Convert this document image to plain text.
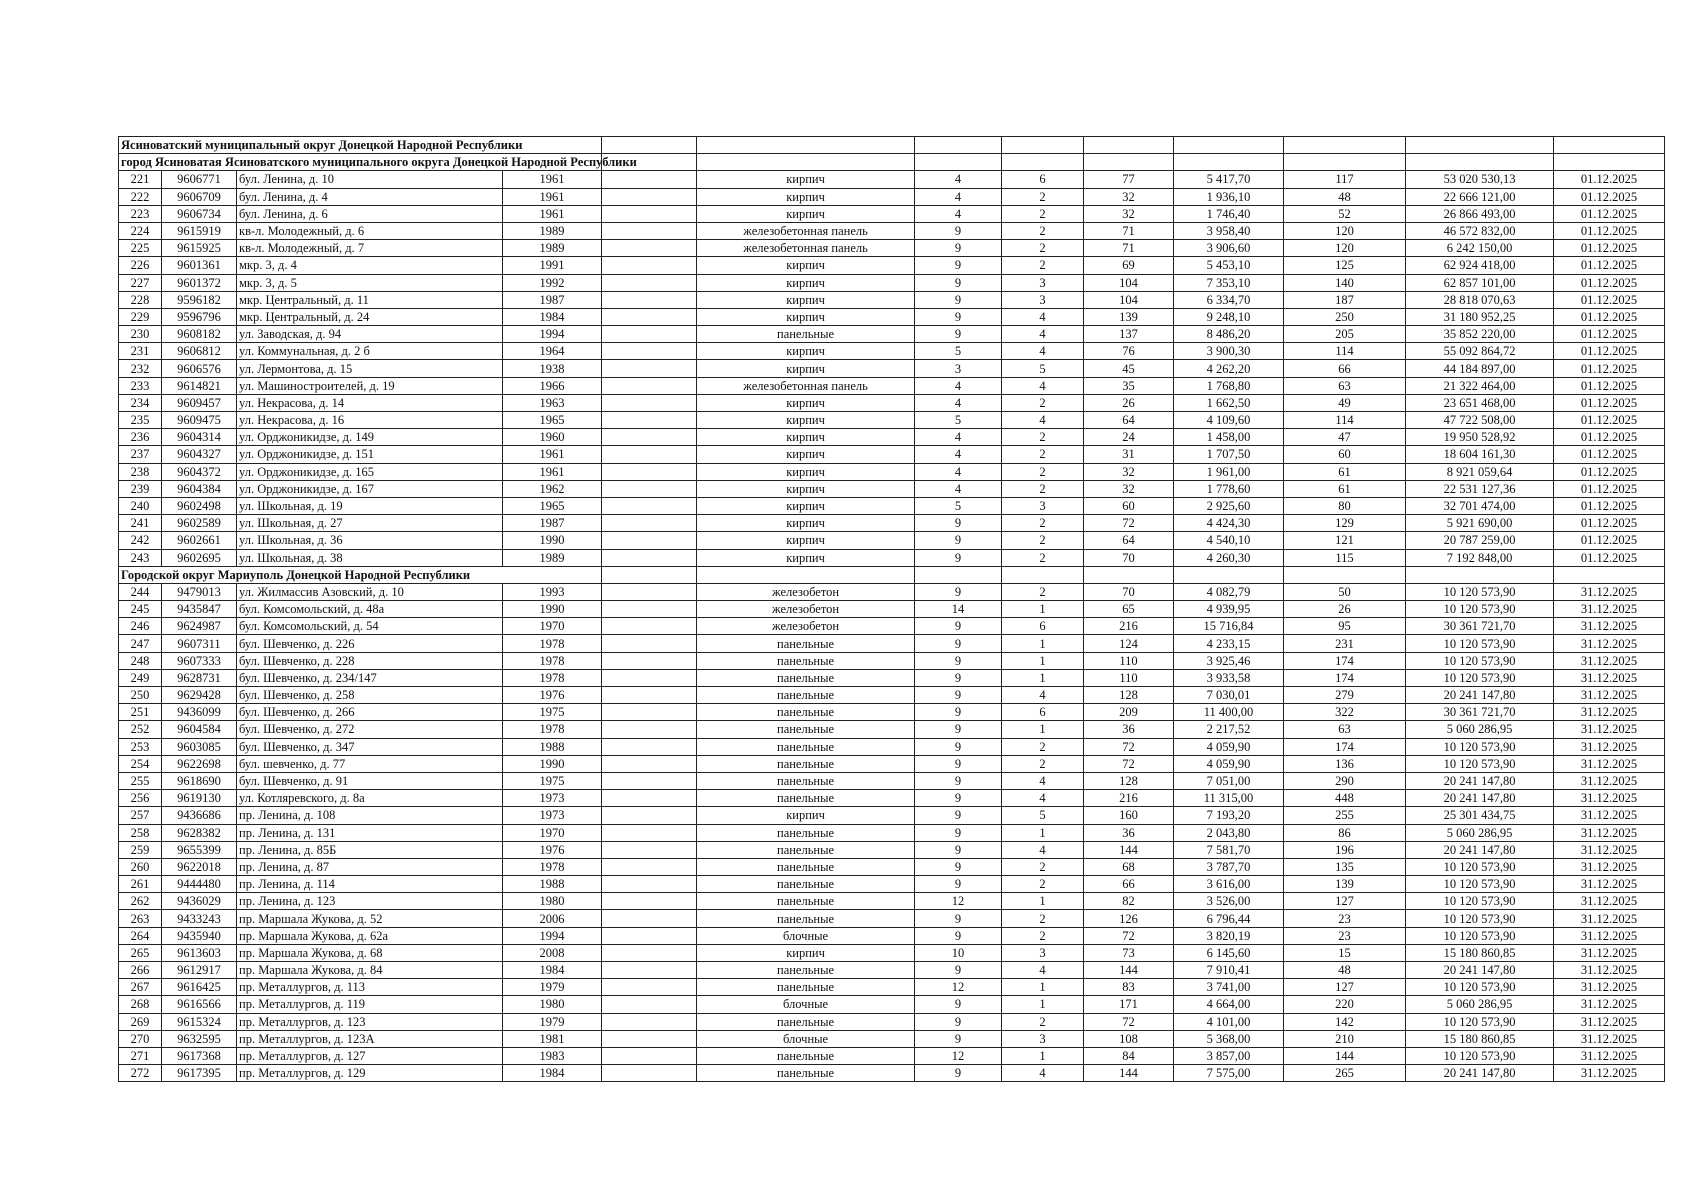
Ясиноватский муниципальный округ Донецкой Народной Республики												
город Ясиноватая Ясиноватского муниципального округа Донецкой Народной Республики												
221	9606771	бул. Ленина, д. 10	1961		кирпич	4	6	77	5 417,70	117	53 020 530,13	01.12.2025
222	9606709	бул. Ленина, д. 4	1961		кирпич	4	2	32	1 936,10	48	22 666 121,00	01.12.2025
223	9606734	бул. Ленина, д. 6	1961		кирпич	4	2	32	1 746,40	52	26 866 493,00	01.12.2025
224	9615919	кв-л. Молодежный, д. 6	1989		железобетонная панель	9	2	71	3 958,40	120	46 572 832,00	01.12.2025
225	9615925	кв-л. Молодежный, д. 7	1989		железобетонная панель	9	2	71	3 906,60	120	6 242 150,00	01.12.2025
226	9601361	мкр. 3, д. 4	1991		кирпич	9	2	69	5 453,10	125	62 924 418,00	01.12.2025
227	9601372	мкр. 3, д. 5	1992		кирпич	9	3	104	7 353,10	140	62 857 101,00	01.12.2025
228	9596182	мкр. Центральный, д. 11	1987		кирпич	9	3	104	6 334,70	187	28 818 070,63	01.12.2025
229	9596796	мкр. Центральный, д. 24	1984		кирпич	9	4	139	9 248,10	250	31 180 952,25	01.12.2025
230	9608182	ул. Заводская, д. 94	1994		панельные	9	4	137	8 486,20	205	35 852 220,00	01.12.2025
231	9606812	ул. Коммунальная, д. 2 б	1964		кирпич	5	4	76	3 900,30	114	55 092 864,72	01.12.2025
232	9606576	ул. Лермонтова, д. 15	1938		кирпич	3	5	45	4 262,20	66	44 184 897,00	01.12.2025
233	9614821	ул. Машиностроителей, д. 19	1966		железобетонная панель	4	4	35	1 768,80	63	21 322 464,00	01.12.2025
234	9609457	ул. Некрасова, д. 14	1963		кирпич	4	2	26	1 662,50	49	23 651 468,00	01.12.2025
235	9609475	ул. Некрасова, д. 16	1965		кирпич	5	4	64	4 109,60	114	47 722 508,00	01.12.2025
236	9604314	ул. Орджоникидзе, д. 149	1960		кирпич	4	2	24	1 458,00	47	19 950 528,92	01.12.2025
237	9604327	ул. Орджоникидзе, д. 151	1961		кирпич	4	2	31	1 707,50	60	18 604 161,30	01.12.2025
238	9604372	ул. Орджоникидзе, д. 165	1961		кирпич	4	2	32	1 961,00	61	8 921 059,64	01.12.2025
239	9604384	ул. Орджоникидзе, д. 167	1962		кирпич	4	2	32	1 778,60	61	22 531 127,36	01.12.2025
240	9602498	ул. Школьная, д. 19	1965		кирпич	5	3	60	2 925,60	80	32 701 474,00	01.12.2025
241	9602589	ул. Школьная, д. 27	1987		кирпич	9	2	72	4 424,30	129	5 921 690,00	01.12.2025
242	9602661	ул. Школьная, д. 36	1990		кирпич	9	2	64	4 540,10	121	20 787 259,00	01.12.2025
243	9602695	ул. Школьная, д. 38	1989		кирпич	9	2	70	4 260,30	115	7 192 848,00	01.12.2025
Городской округ Мариуполь Донецкой Народной Республики												
244	9479013	ул. Жилмассив Азовский, д. 10	1993		железобетон	9	2	70	4 082,79	50	10 120 573,90	31.12.2025
245	9435847	бул. Комсомольский, д. 48а	1990		железобетон	14	1	65	4 939,95	26	10 120 573,90	31.12.2025
246	9624987	бул. Комсомольский, д. 54	1970		железобетон	9	6	216	15 716,84	95	30 361 721,70	31.12.2025
247	9607311	бул. Шевченко, д. 226	1978		панельные	9	1	124	4 233,15	231	10 120 573,90	31.12.2025
248	9607333	бул. Шевченко, д. 228	1978		панельные	9	1	110	3 925,46	174	10 120 573,90	31.12.2025
249	9628731	бул. Шевченко, д. 234/147	1978		панельные	9	1	110	3 933,58	174	10 120 573,90	31.12.2025
250	9629428	бул. Шевченко, д. 258	1976		панельные	9	4	128	7 030,01	279	20 241 147,80	31.12.2025
251	9436099	бул. Шевченко, д. 266	1975		панельные	9	6	209	11 400,00	322	30 361 721,70	31.12.2025
252	9604584	бул. Шевченко, д. 272	1978		панельные	9	1	36	2 217,52	63	5 060 286,95	31.12.2025
253	9603085	бул. Шевченко, д. 347	1988		панельные	9	2	72	4 059,90	174	10 120 573,90	31.12.2025
254	9622698	бул. шевченко, д. 77	1990		панельные	9	2	72	4 059,90	136	10 120 573,90	31.12.2025
255	9618690	бул. Шевченко, д. 91	1975		панельные	9	4	128	7 051,00	290	20 241 147,80	31.12.2025
256	9619130	ул. Котляревского, д. 8а	1973		панельные	9	4	216	11 315,00	448	20 241 147,80	31.12.2025
257	9436686	пр. Ленина, д. 108	1973		кирпич	9	5	160	7 193,20	255	25 301 434,75	31.12.2025
258	9628382	пр. Ленина, д. 131	1970		панельные	9	1	36	2 043,80	86	5 060 286,95	31.12.2025
259	9655399	пр. Ленина, д. 85Б	1976		панельные	9	4	144	7 581,70	196	20 241 147,80	31.12.2025
260	9622018	пр. Ленина, д. 87	1978		панельные	9	2	68	3 787,70	135	10 120 573,90	31.12.2025
261	9444480	пр. Ленина, д. 114	1988		панельные	9	2	66	3 616,00	139	10 120 573,90	31.12.2025
262	9436029	пр. Ленина, д. 123	1980		панельные	12	1	82	3 526,00	127	10 120 573,90	31.12.2025
263	9433243	пр. Маршала Жукова, д. 52	2006		панельные	9	2	126	6 796,44	23	10 120 573,90	31.12.2025
264	9435940	пр. Маршала Жукова, д. 62а	1994		блочные	9	2	72	3 820,19	23	10 120 573,90	31.12.2025
265	9613603	пр. Маршала Жукова, д. 68	2008		кирпич	10	3	73	6 145,60	15	15 180 860,85	31.12.2025
266	9612917	пр. Маршала Жукова, д. 84	1984		панельные	9	4	144	7 910,41	48	20 241 147,80	31.12.2025
267	9616425	пр. Металлургов, д. 113	1979		панельные	12	1	83	3 741,00	127	10 120 573,90	31.12.2025
268	9616566	пр. Металлургов, д. 119	1980		блочные	9	1	171	4 664,00	220	5 060 286,95	31.12.2025
269	9615324	пр. Металлургов, д. 123	1979		панельные	9	2	72	4 101,00	142	10 120 573,90	31.12.2025
270	9632595	пр. Металлургов, д. 123А	1981		блочные	9	3	108	5 368,00	210	15 180 860,85	31.12.2025
271	9617368	пр. Металлургов, д. 127	1983		панельные	12	1	84	3 857,00	144	10 120 573,90	31.12.2025
272	9617395	пр. Металлургов, д. 129	1984		панельные	9	4	144	7 575,00	265	20 241 147,80	31.12.2025
